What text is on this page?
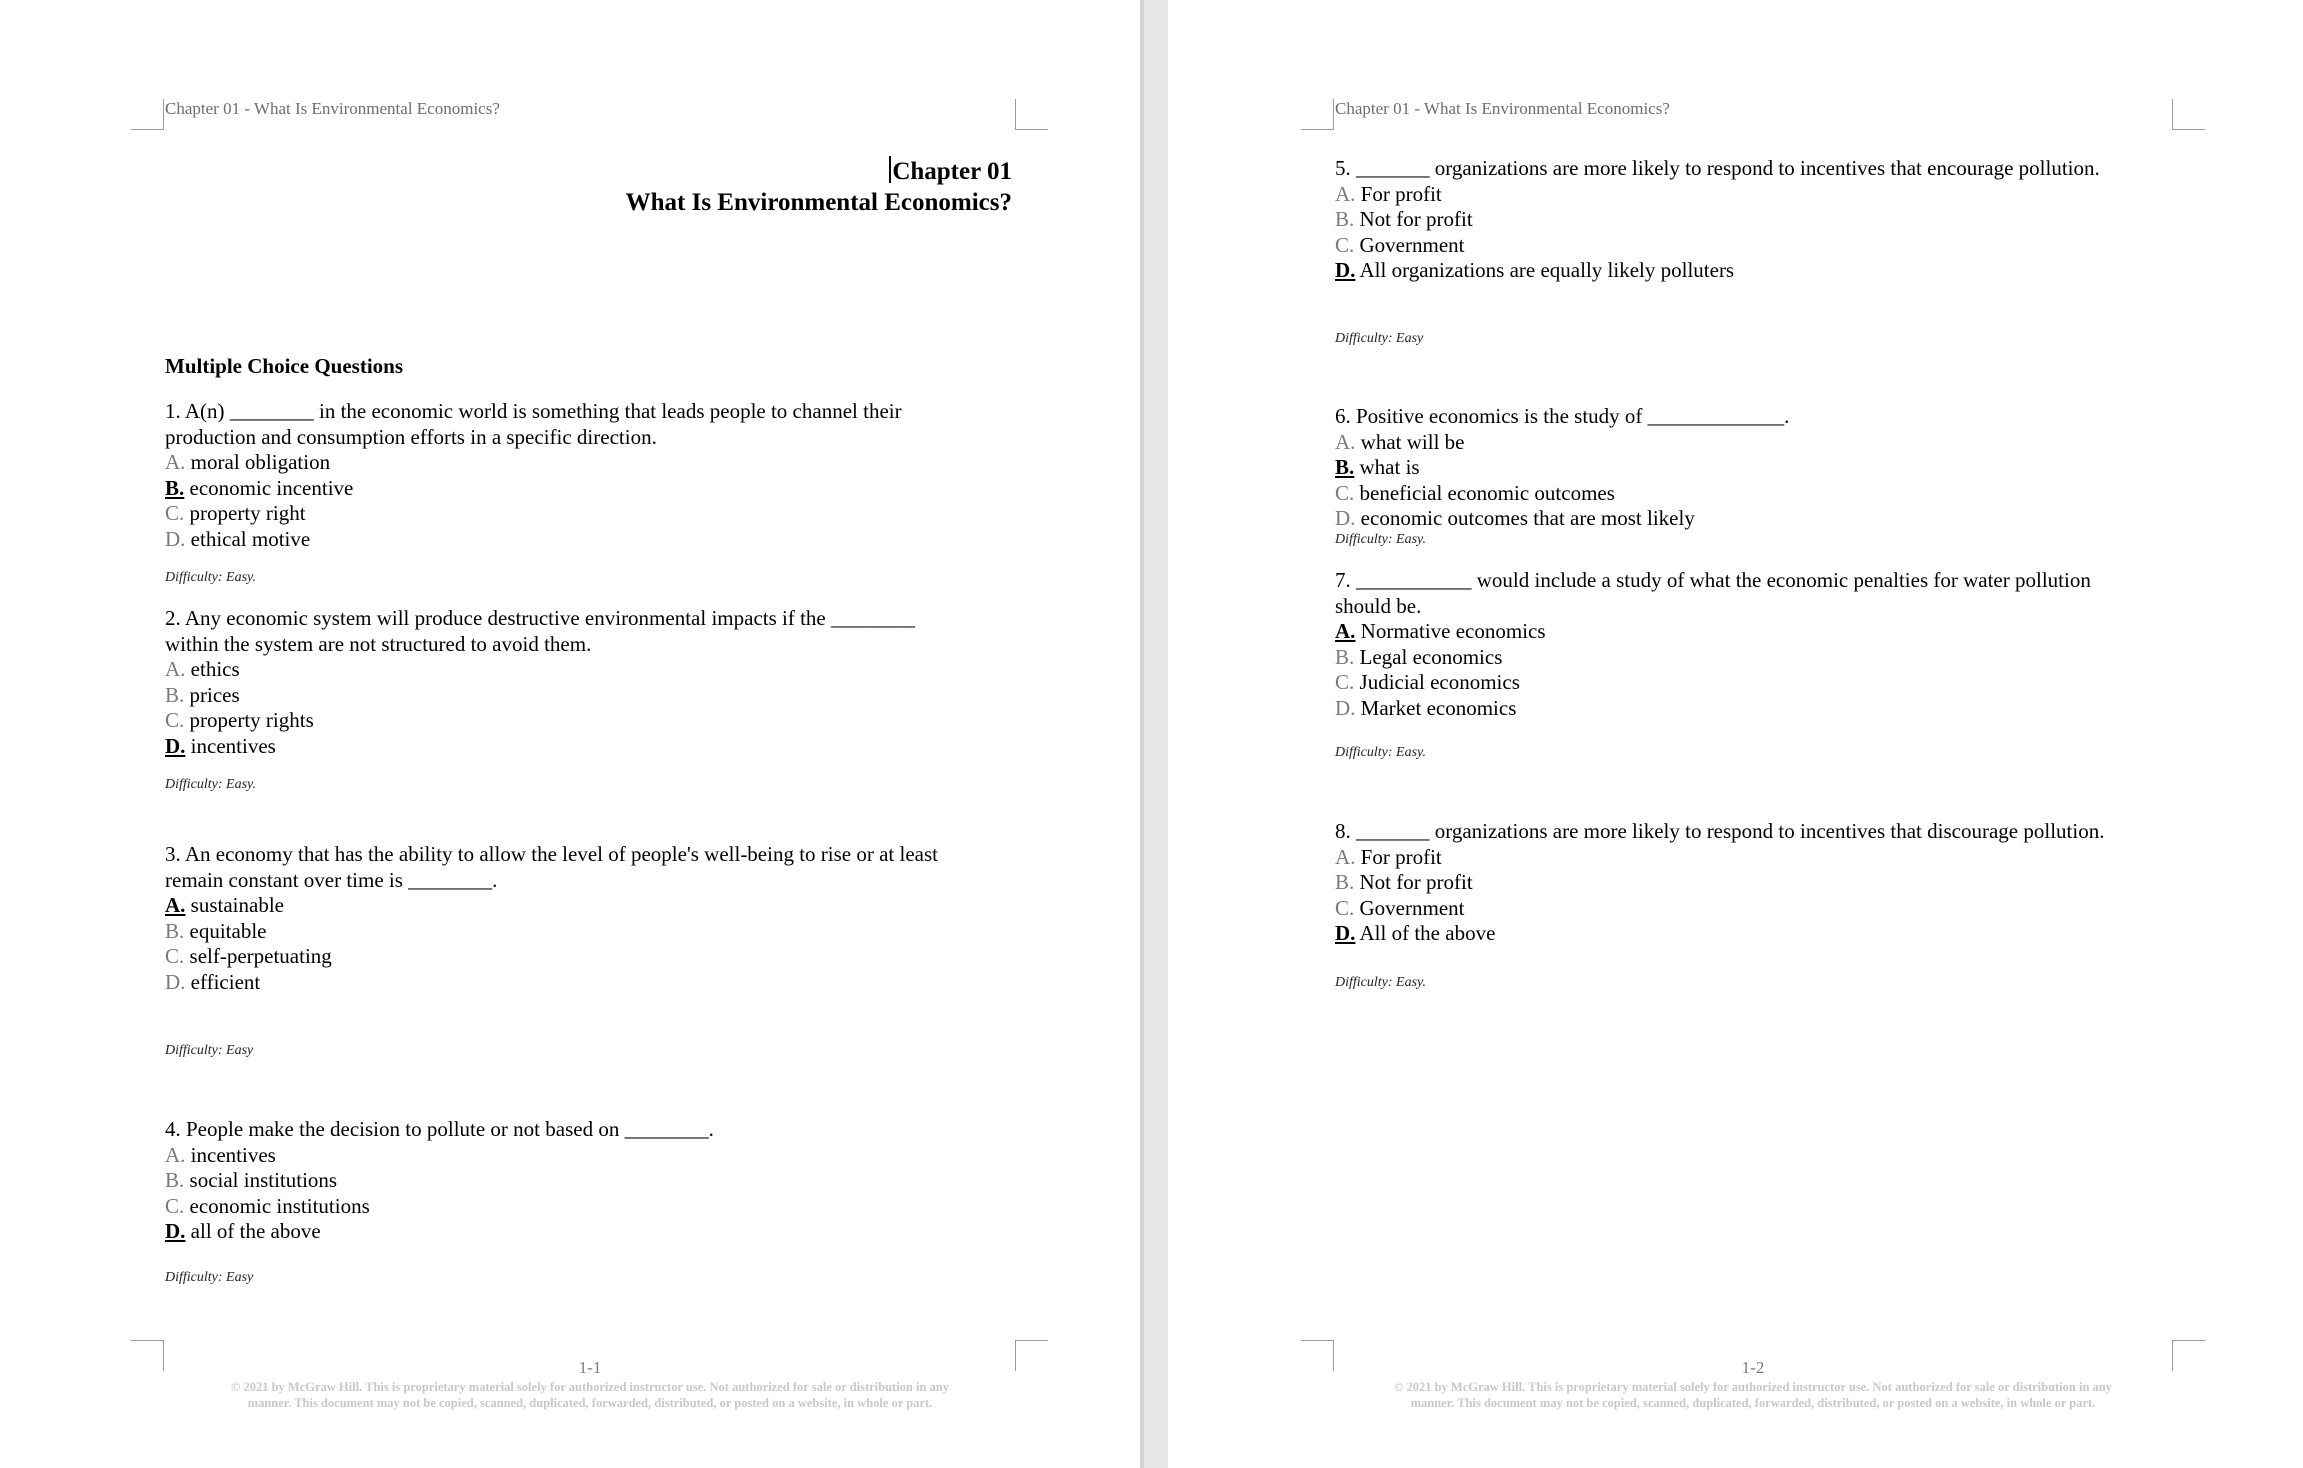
Chapter 01 - What Is Environmental Economics?
Chapter 01
What Is Environmental Economics?
Multiple Choice Questions
1. A(n) ________ in the economic world is something that leads people to channel their
production and consumption efforts in a specific direction.
A. moral obligation
B. economic incentive
C. property right
D. ethical motive
Difficulty: Easy.
2. Any economic system will produce destructive environmental impacts if the ________
within the system are not structured to avoid them.
A. ethics
B. prices
C. property rights
D. incentives
Difficulty: Easy.
3. An economy that has the ability to allow the level of people's well-being to rise or at least
remain constant over time is ________.
A. sustainable
B. equitable
C. self-perpetuating
D. efficient
Difficulty: Easy
4. People make the decision to pollute or not based on ________.
A. incentives
B. social institutions
C. economic institutions
D. all of the above
Difficulty: Easy
1-1
© 2021 by McGraw Hill. This is proprietary material solely for authorized instructor use. Not authorized for sale or distribution in any
manner. This document may not be copied, scanned, duplicated, forwarded, distributed, or posted on a website, in whole or part.
Chapter 01 - What Is Environmental Economics?
5. _______ organizations are more likely to respond to incentives that encourage pollution.
A. For profit
B. Not for profit
C. Government
D. All organizations are equally likely polluters
Difficulty: Easy
6. Positive economics is the study of _____________.
A. what will be
B. what is
C. beneficial economic outcomes
D. economic outcomes that are most likely
Difficulty: Easy.
7. ___________ would include a study of what the economic penalties for water pollution
should be.
A. Normative economics
B. Legal economics
C. Judicial economics
D. Market economics
Difficulty: Easy.
8. _______ organizations are more likely to respond to incentives that discourage pollution.
A. For profit
B. Not for profit
C. Government
D. All of the above
Difficulty: Easy.
1-2
© 2021 by McGraw Hill. This is proprietary material solely for authorized instructor use. Not authorized for sale or distribution in any
manner. This document may not be copied, scanned, duplicated, forwarded, distributed, or posted on a website, in whole or part.
